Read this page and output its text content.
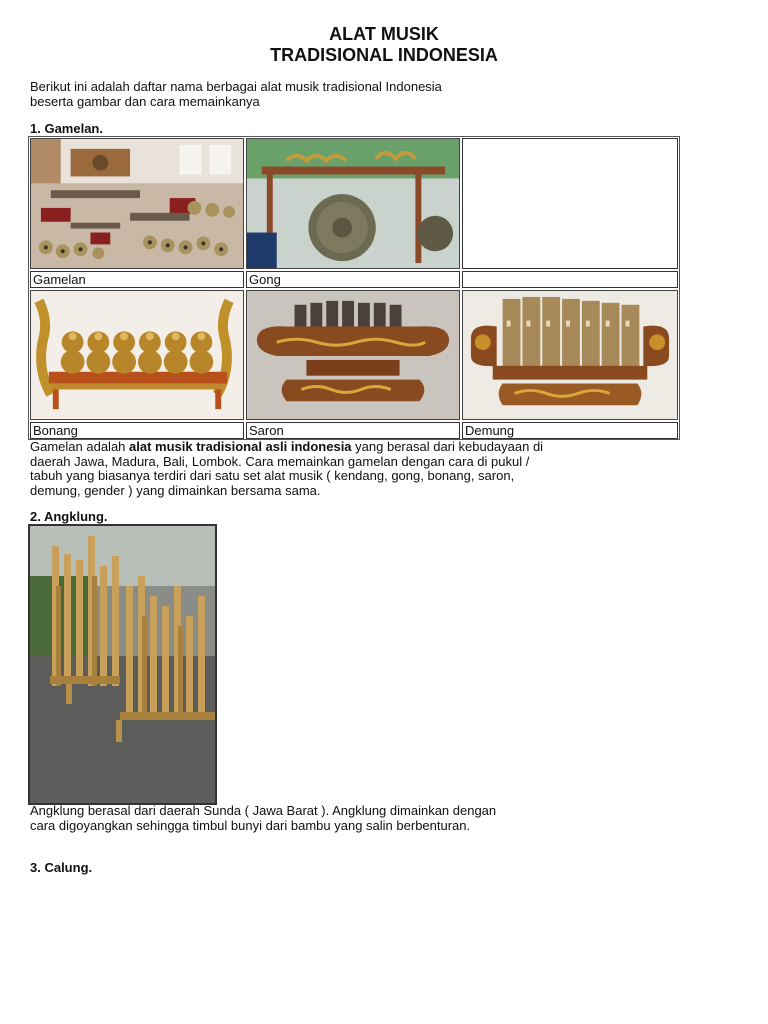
ALAT MUSIK
TRADISIONAL INDONESIA
Berikut ini adalah daftar nama berbagai alat musik tradisional Indonesia
beserta gambar dan cara memainkanya
1. Gamelan.
Gamelan	Gong
Bonang	Saron	Demung
Gamelan adalah alat musik tradisional asli indonesia yang berasal dari kebudayaan di
daerah Jawa, Madura, Bali, Lombok. Cara memainkan gamelan dengan cara di pukul /
tabuh yang biasanya terdiri dari satu set alat musik ( kendang, gong, bonang, saron,
demung, gender ) yang dimainkan bersama sama.
2. Angklung.
Angklung berasal dari daerah Sunda ( Jawa Barat ). Angklung dimainkan dengan
cara digoyangkan sehingga timbul bunyi dari bambu yang salin berbenturan.
3. Calung.
